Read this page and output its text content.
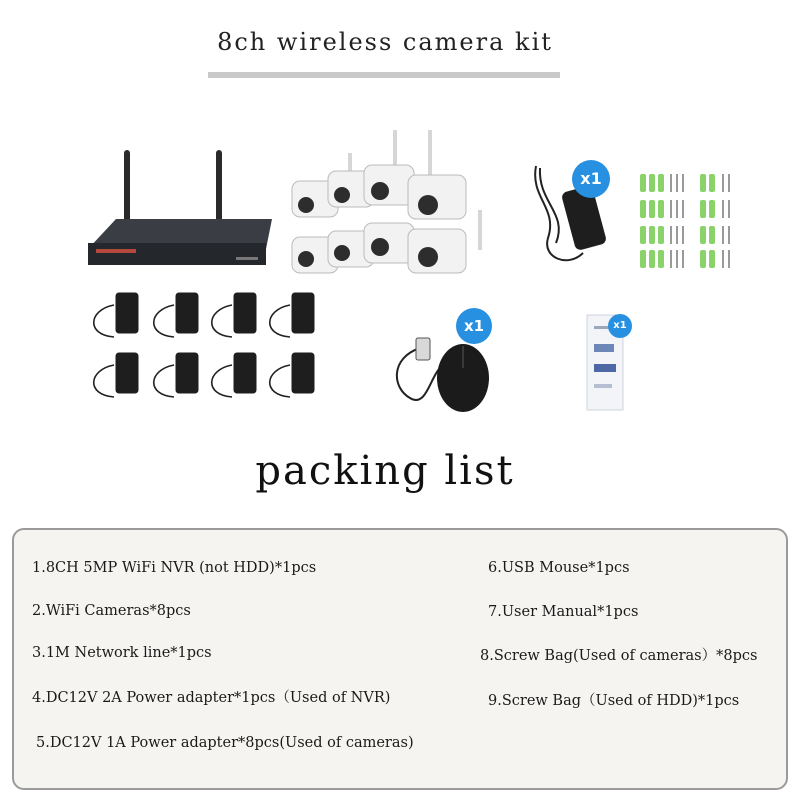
8ch wireless camera kit
x1
x1	x1
packing list
1.8CH 5MP WiFi NVR (not HDD)*1pcs
2.WiFi Cameras*8pcs
3.1M Network line*1pcs
4.DC12V 2A Power adapter*1pcs（Used of NVR)
5.DC12V 1A Power adapter*8pcs(Used of cameras)
6.USB Mouse*1pcs
7.User Manual*1pcs
8.Screw Bag(Used of cameras）*8pcs
9.Screw Bag（Used of HDD)*1pcs
